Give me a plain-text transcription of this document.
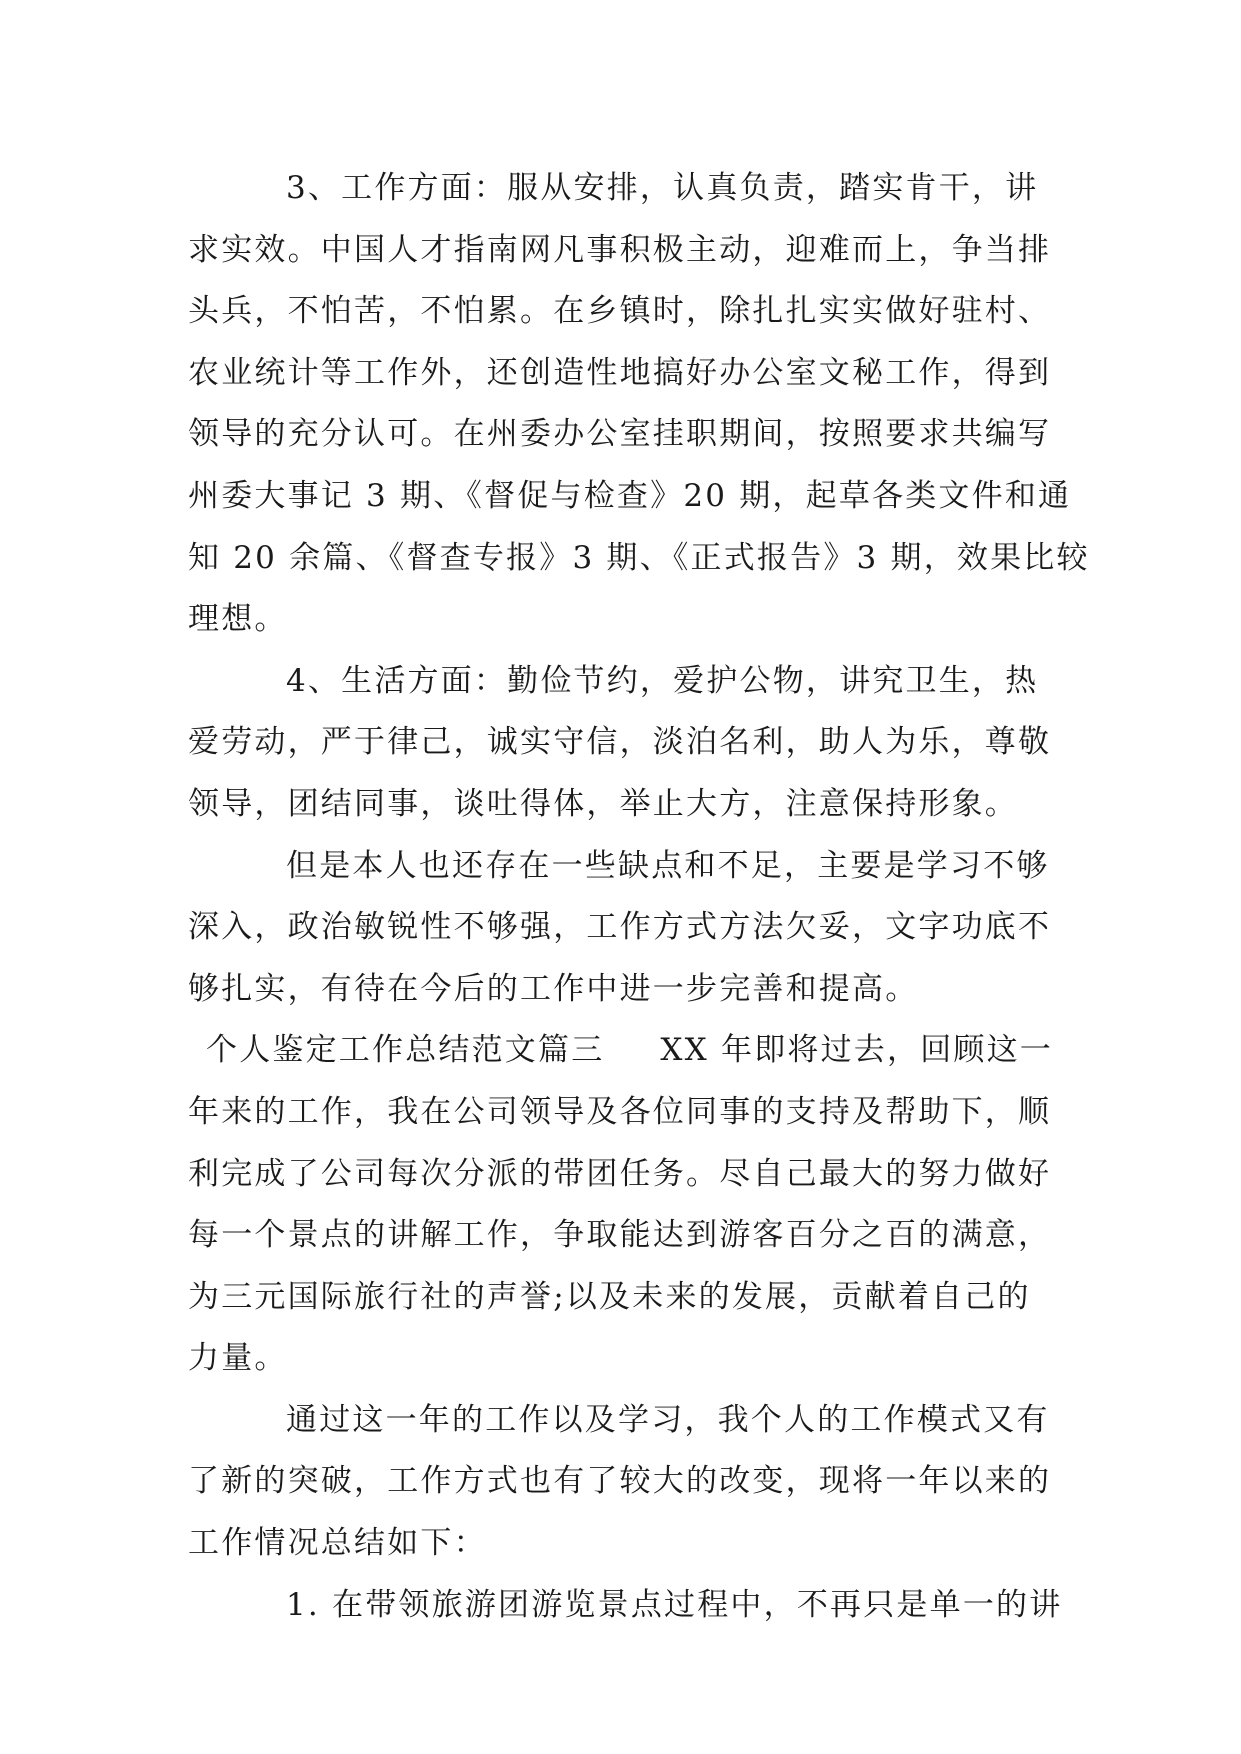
3、工作方面：服从安排，认真负责，踏实肯干，讲
求实效。中国人才指南网凡事积极主动，迎难而上，争当排
头兵，不怕苦，不怕累。在乡镇时，除扎扎实实做好驻村、
农业统计等工作外，还创造性地搞好办公室文秘工作，得到
领导的充分认可。在州委办公室挂职期间，按照要求共编写
州委大事记 3 期、《督促与检查》20 期，起草各类文件和通
知 20 余篇、《督查专报》3 期、《正式报告》3 期，效果比较
理想。
4、生活方面：勤俭节约，爱护公物，讲究卫生，热
爱劳动，严于律己，诚实守信，淡泊名利，助人为乐，尊敬
领导，团结同事，谈吐得体，举止大方，注意保持形象。
但是本人也还存在一些缺点和不足，主要是学习不够
深入，政治敏锐性不够强，工作方式方法欠妥，文字功底不
够扎实，有待在今后的工作中进一步完善和提高。
个人鉴定工作总结范文篇三 XX 年即将过去，回顾这一
年来的工作，我在公司领导及各位同事的支持及帮助下，顺
利完成了公司每次分派的带团任务。尽自己最大的努力做好
每一个景点的讲解工作，争取能达到游客百分之百的满意，
为三元国际旅行社的声誉;以及未来的发展，贡献着自己的
力量。
通过这一年的工作以及学习，我个人的工作模式又有
了新的突破，工作方式也有了较大的改变，现将一年以来的
工作情况总结如下：
1. 在带领旅游团游览景点过程中，不再只是单一的讲
